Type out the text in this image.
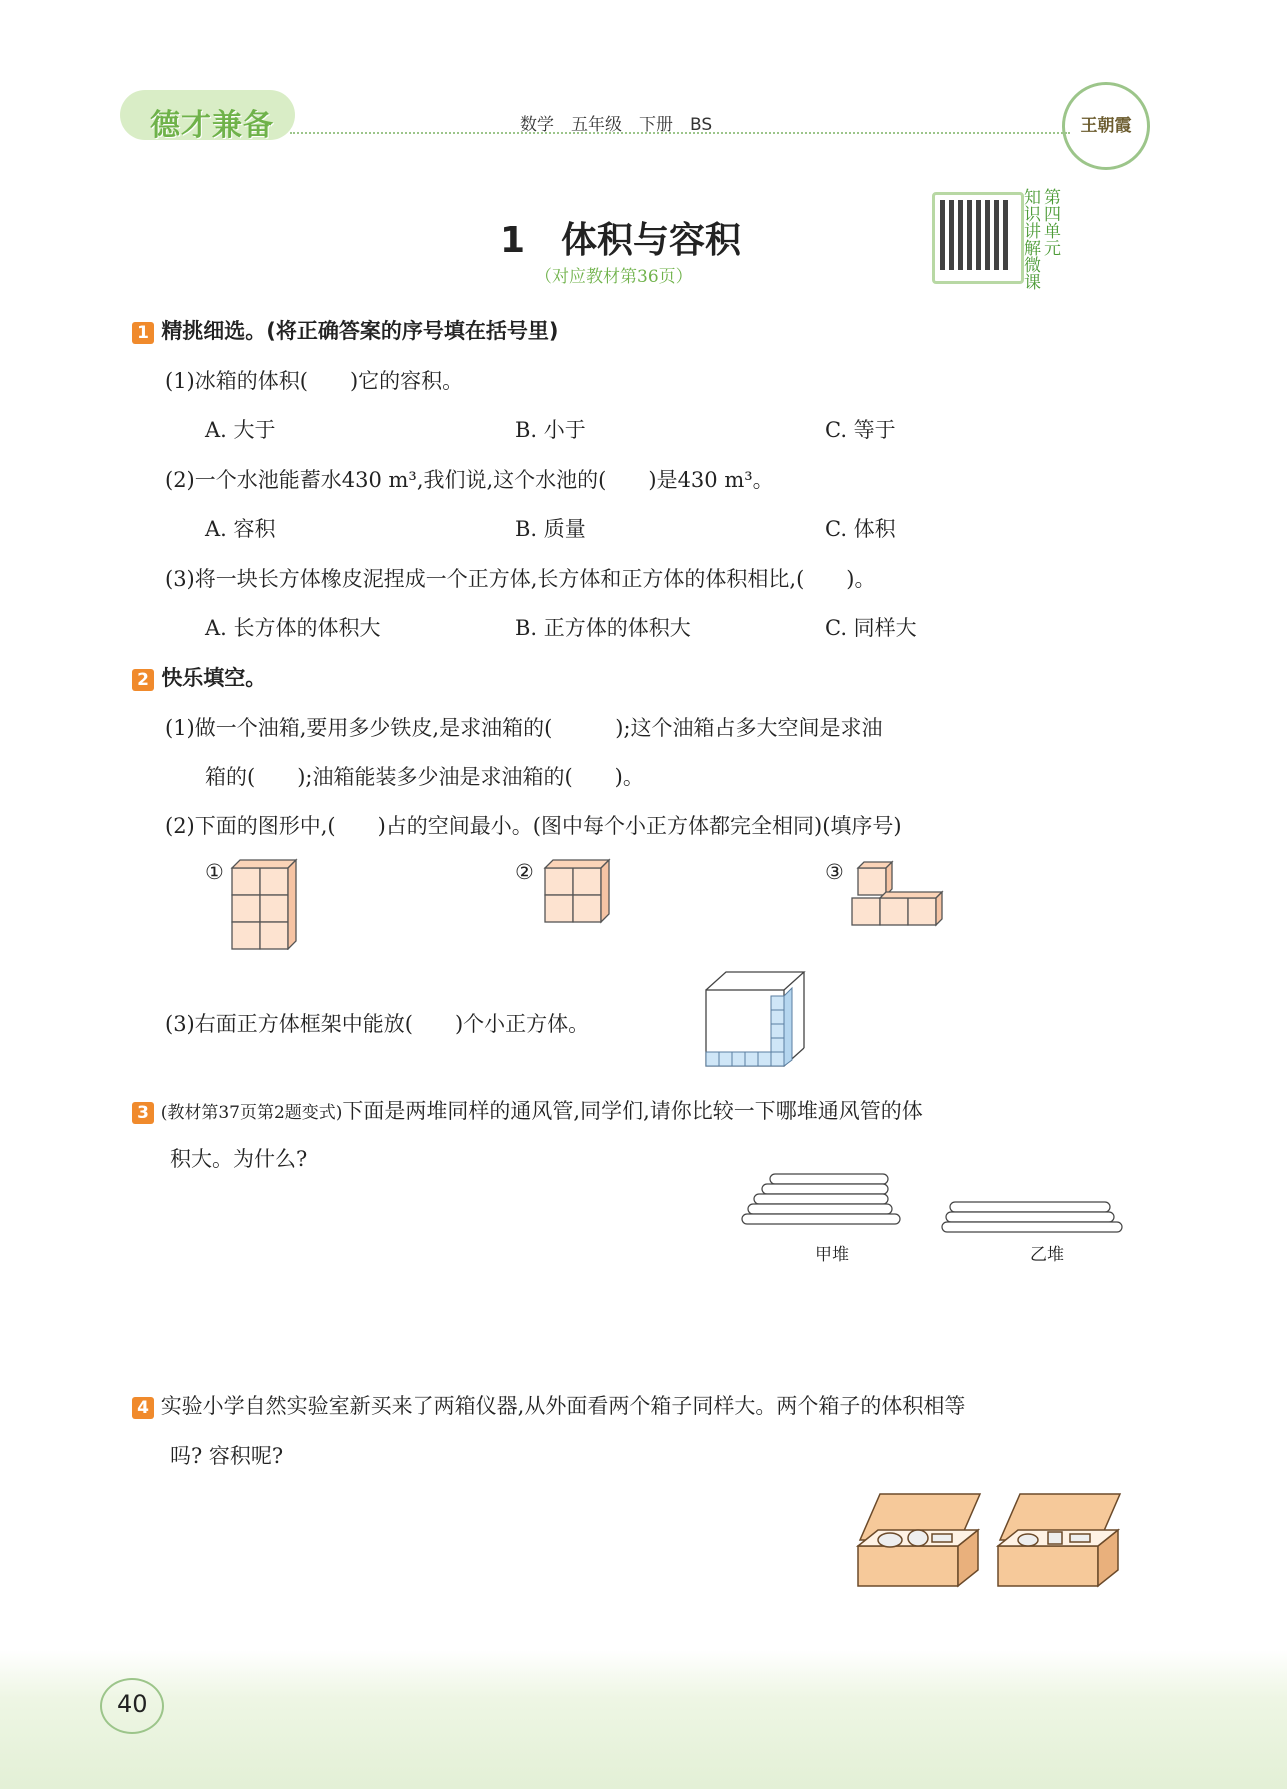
德才兼备	数学　五年级　下册　BS	王朝霞
第四单元
知识讲解微课
1　体积与容积
（对应教材第36页）
1 精挑细选。(将正确答案的序号填在括号里)
(1)冰箱的体积(　　)它的容积。
A. 大于	B. 小于	C. 等于
(2)一个水池能蓄水430 m³,我们说,这个水池的(　　)是430 m³。
A. 容积	B. 质量	C. 体积
(3)将一块长方体橡皮泥捏成一个正方体,长方体和正方体的体积相比,(　　)。
A. 长方体的体积大	B. 正方体的体积大	C. 同样大
2 快乐填空。
(1)做一个油箱,要用多少铁皮,是求油箱的(　　　);这个油箱占多大空间是求油
箱的(　　);油箱能装多少油是求油箱的(　　)。
(2)下面的图形中,(　　)占的空间最小。(图中每个小正方体都完全相同)(填序号)
①	②	③
(3)右面正方体框架中能放(　　)个小正方体。
3 (教材第37页第2题变式)下面是两堆同样的通风管,同学们,请你比较一下哪堆通风管的体
积大。为什么?
甲堆	乙堆
4 实验小学自然实验室新买来了两箱仪器,从外面看两个箱子同样大。两个箱子的体积相等
吗? 容积呢?
40
